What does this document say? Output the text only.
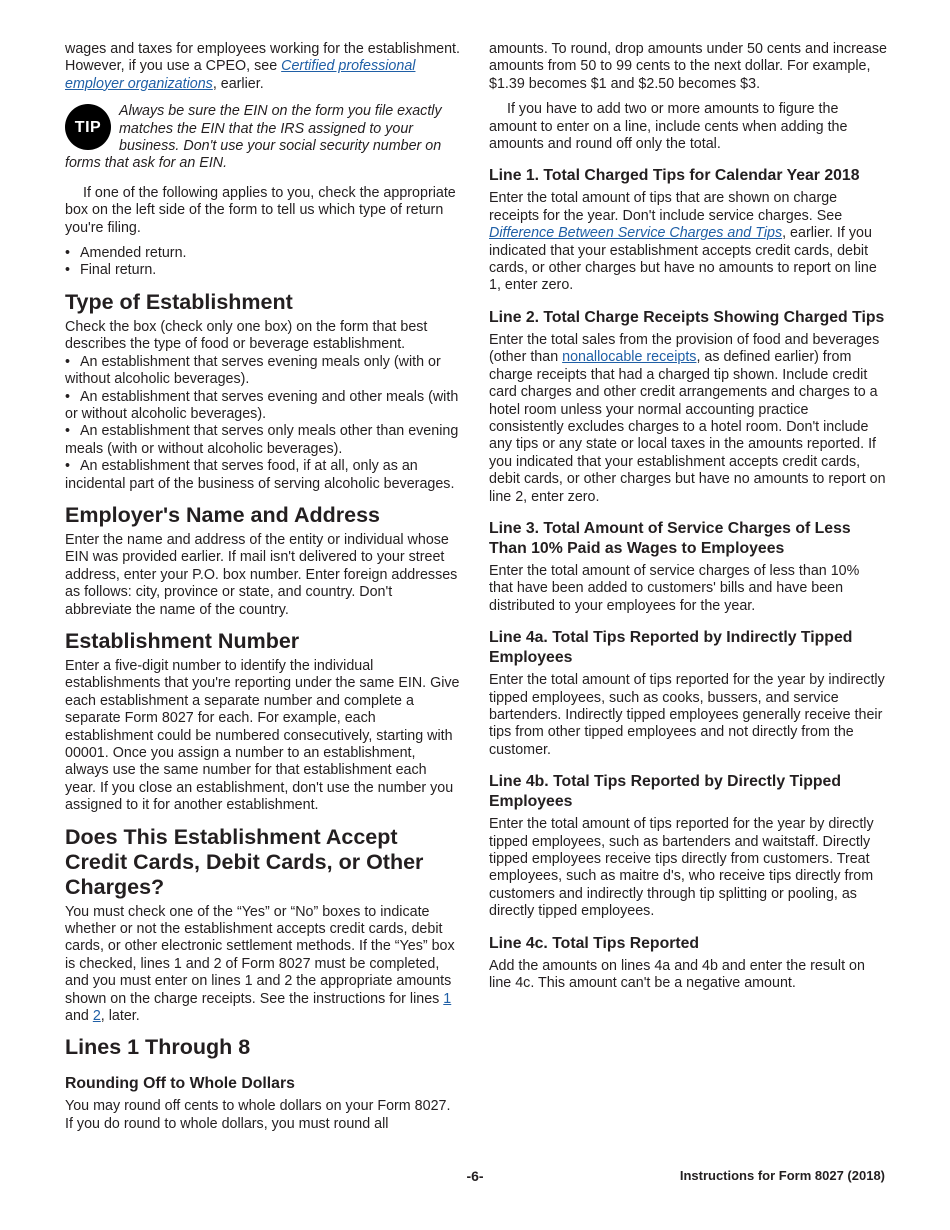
wages and taxes for employees working for the establishment. However, if you use a CPEO, see Certified professional employer organizations, earlier.

TIP
Always be sure the EIN on the form you file exactly matches the EIN that the IRS assigned to your business. Don't use your social security number on forms that ask for an EIN.

If one of the following applies to you, check the appropriate box on the left side of the form to tell us which type of return you're filing.

• Amended return.
• Final return.
Type of Establishment

Check the box (check only one box) on the form that best describes the type of food or beverage establishment.

• An establishment that serves evening meals only (with or without alcoholic beverages).
• An establishment that serves evening and other meals (with or without alcoholic beverages).
• An establishment that serves only meals other than evening meals (with or without alcoholic beverages).
• An establishment that serves food, if at all, only as an incidental part of the business of serving alcoholic beverages.
Employer's Name and Address

Enter the name and address of the entity or individual whose EIN was provided earlier. If mail isn't delivered to your street address, enter your P.O. box number. Enter foreign addresses as follows: city, province or state, and country. Don't abbreviate the name of the country.

Establishment Number

Enter a five-digit number to identify the individual establishments that you're reporting under the same EIN. Give each establishment a separate number and complete a separate Form 8027 for each. For example, each establishment could be numbered consecutively, starting with 00001. Once you assign a number to an establishment, always use the same number for that establishment each year. If you close an establishment, don't use the number you assigned to it for another establishment.

Does This Establishment Accept Credit Cards, Debit Cards, or Other Charges?

You must check one of the “Yes” or “No” boxes to indicate whether or not the establishment accepts credit cards, debit cards, or other electronic settlement methods. If the “Yes” box is checked, lines 1 and 2 of Form 8027 must be completed, and you must enter on lines 1 and 2 the appropriate amounts shown on the charge receipts. See the instructions for lines 1 and 2, later.

Lines 1 Through 8
Rounding Off to Whole Dollars

You may round off cents to whole dollars on your Form 8027. If you do round to whole dollars, you must round all

amounts. To round, drop amounts under 50 cents and increase amounts from 50 to 99 cents to the next dollar. For example, $1.39 becomes $1 and $2.50 becomes $3.

If you have to add two or more amounts to figure the amount to enter on a line, include cents when adding the amounts and round off only the total.

Line 1. Total Charged Tips for Calendar Year 2018

Enter the total amount of tips that are shown on charge receipts for the year. Don't include service charges. See Difference Between Service Charges and Tips, earlier. If you indicated that your establishment accepts credit cards, debit cards, or other charges but have no amounts to report on line 1, enter zero.

Line 2. Total Charge Receipts Showing Charged Tips

Enter the total sales from the provision of food and beverages (other than nonallocable receipts, as defined earlier) from charge receipts that had a charged tip shown. Include credit card charges and other credit arrangements and charges to a hotel room unless your normal accounting practice consistently excludes charges to a hotel room. Don't include any tips or any state or local taxes in the amounts reported. If you indicated that your establishment accepts credit cards, debit cards, or other charges but have no amounts to report on line 2, enter zero.

Line 3. Total Amount of Service Charges of Less Than 10% Paid as Wages to Employees

Enter the total amount of service charges of less than 10% that have been added to customers' bills and have been distributed to your employees for the year.

Line 4a. Total Tips Reported by Indirectly Tipped Employees

Enter the total amount of tips reported for the year by indirectly tipped employees, such as cooks, bussers, and service bartenders. Indirectly tipped employees generally receive their tips from other tipped employees and not directly from the customer.

Line 4b. Total Tips Reported by Directly Tipped Employees

Enter the total amount of tips reported for the year by directly tipped employees, such as bartenders and waitstaff. Directly tipped employees receive tips directly from customers. Treat employees, such as maitre d's, who receive tips directly from customers and indirectly through tip splitting or pooling, as directly tipped employees.

Line 4c. Total Tips Reported

Add the amounts on lines 4a and 4b and enter the result on line 4c. This amount can't be a negative amount.

-6-	Instructions for Form 8027 (2018)
